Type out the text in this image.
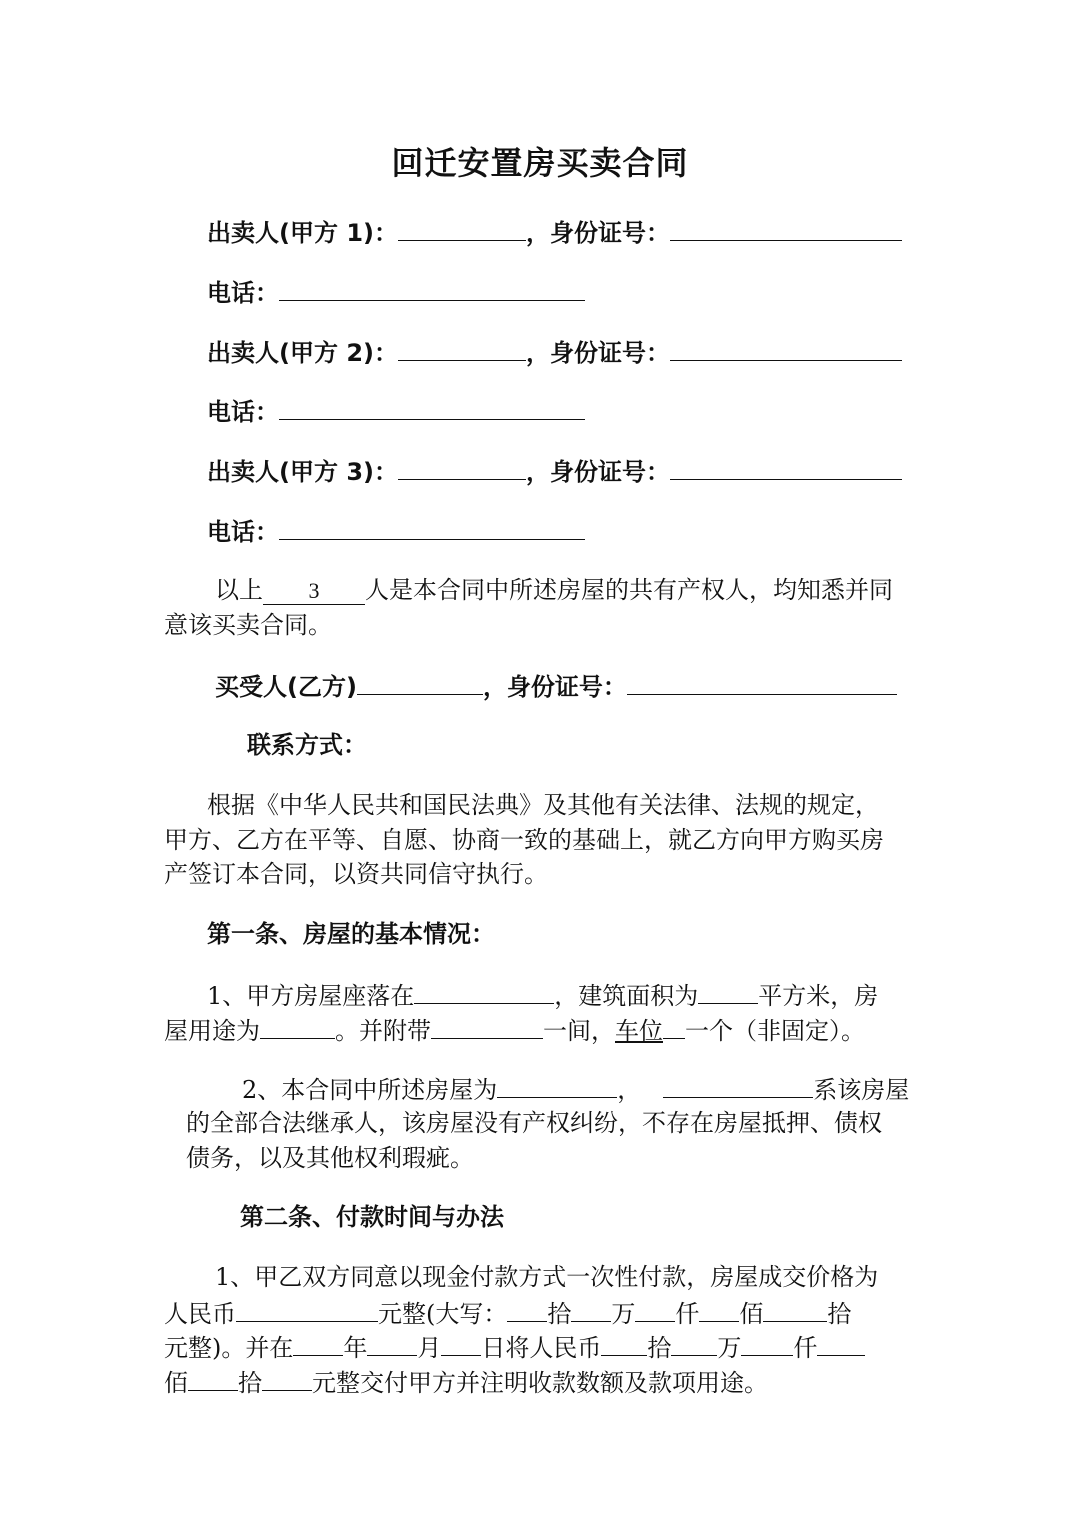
回迁安置房买卖合同
出卖人(甲方 1)：	，身份证号：
电话：
出卖人(甲方 2)：	，身份证号：
电话：
出卖人(甲方 3)：	，身份证号：
电话：
以上 3 人是本合同中所述房屋的共有产权人，均知悉并同
意该买卖合同。
买受人(乙方)	，身份证号：
联系方式：
根据《中华人民共和国民法典》及其他有关法律、法规的规定，
甲方、乙方在平等、自愿、协商一致的基础上，就乙方向甲方购买房
产签订本合同，以资共同信守执行。
第一条、房屋的基本情况：
1、甲方房屋座落在	，建筑面积为	平方米，房
屋用途为	。并附带	一间，车位 一个（非固定）。
2、本合同中所述房屋为	，	系该房屋
的全部合法继承人，该房屋没有产权纠纷，不存在房屋抵押、债权
债务，以及其他权利瑕疵。
第二条、付款时间与办法
1、甲乙双方同意以现金付款方式一次性付款，房屋成交价格为
人民币	元整(大写： 拾 万 仟 佰	拾
元整)。并在 年 月 日将人民币 拾 万 仟
佰 拾 元整交付甲方并注明收款数额及款项用途。
